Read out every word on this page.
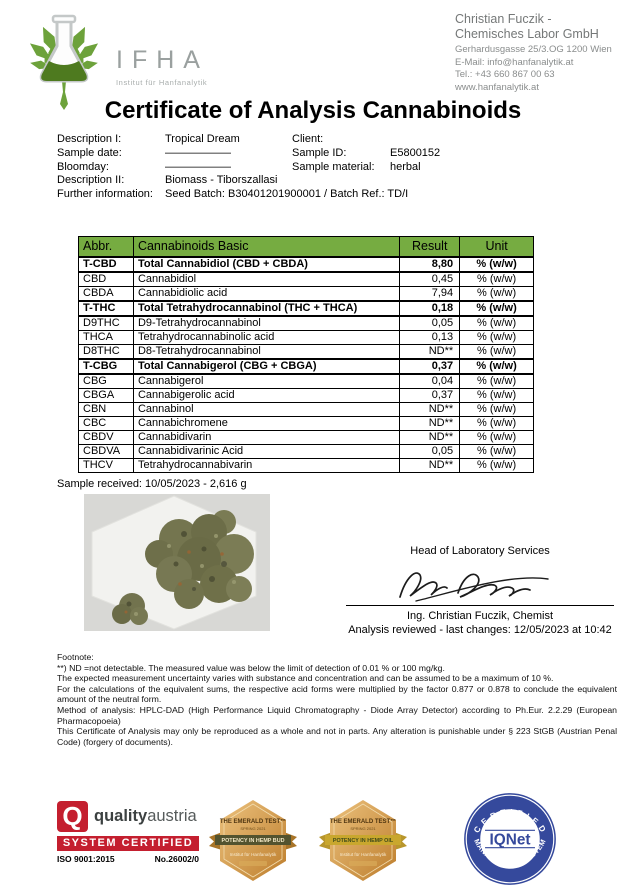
IFHA
Institut für Hanfanalytik
Christian Fuczik -
Chemisches Labor GmbH
Gerhardusgasse 25/3.OG 1200 Wien
E-Mail: info@hanfanalytik.at
Tel.: +43 660 867 00 63
www.hanfanalytik.at
Certificate of Analysis Cannabinoids
Description I:	Tropical Dream
Sample date:	——————
Bloomday:	——————
Description II:	Biomass - Tiborszallasi
Further information: Seed Batch: B30401201900001 / Batch Ref.: TD/I
Client:
Sample ID:	E5800152
Sample material: herbal
Abbr.	Cannabinoids Basic	Result	Unit
T-CBD	Total Cannabidiol (CBD + CBDA)	8,80	% (w/w)
CBD	Cannabidiol	0,45	% (w/w)
CBDA	Cannabidiolic acid	7,94	% (w/w)
T-THC	Total Tetrahydrocannabinol (THC + THCA)	0,18	% (w/w)
D9THC	D9-Tetrahydrocannabinol	0,05	% (w/w)
THCA	Tetrahydrocannabinolic acid	0,13	% (w/w)
D8THC	D8-Tetrahydrocannabinol	ND**	% (w/w)
T-CBG	Total Cannabigerol (CBG + CBGA)	0,37	% (w/w)
CBG	Cannabigerol	0,04	% (w/w)
CBGA	Cannabigerolic acid	0,37	% (w/w)
CBN	Cannabinol	ND**	% (w/w)
CBC	Cannabichromene	ND**	% (w/w)
CBDV	Cannabidivarin	ND**	% (w/w)
CBDVA	Cannabidivarinic Acid	0,05	% (w/w)
THCV	Tetrahydrocannabivarin	ND**	% (w/w)
Sample received: 10/05/2023 - 2,616 g
Head of Laboratory Services
Ing. Christian Fuczik, Chemist
Analysis reviewed - last changes: 12/05/2023 at 10:42
Footnote:
**) ND =not detectable. The measured value was below the limit of detection of 0.01 % or 100 mg/kg.
The expected measurement uncertainty varies with substance and concentration and can be assumed to be a maximum of 10 %.
For the calculations of the equivalent sums, the respective acid forms were multiplied by the factor 0.877 or 0.878 to conclude the equivalent amount of the neutral form.
Method of analysis: HPLC-DAD (High Performance Liquid Chromatography - Diode Array Detector) according to Ph.Eur. 2.2.29 (European Pharmacopoeia)
This Certificate of Analysis may only be reproduced as a whole and not in parts. Any alteration is punishable under § 223 StGB (Austrian Penal Code) (forgery of documents).
Q qualityaustria
SYSTEM CERTIFIED
ISO 9001:2015	No.26002/0
THE EMERALD TEST™
SPRING 2021
POTENCY IN HEMP BUD
Institut für Hanfanalytik
THE EMERALD TEST™
SPRING 2021
POTENCY IN HEMP OIL
Institut für Hanfanalytik
C E R T I F I E D
MANAGEMENT SYSTEM
IQNet
